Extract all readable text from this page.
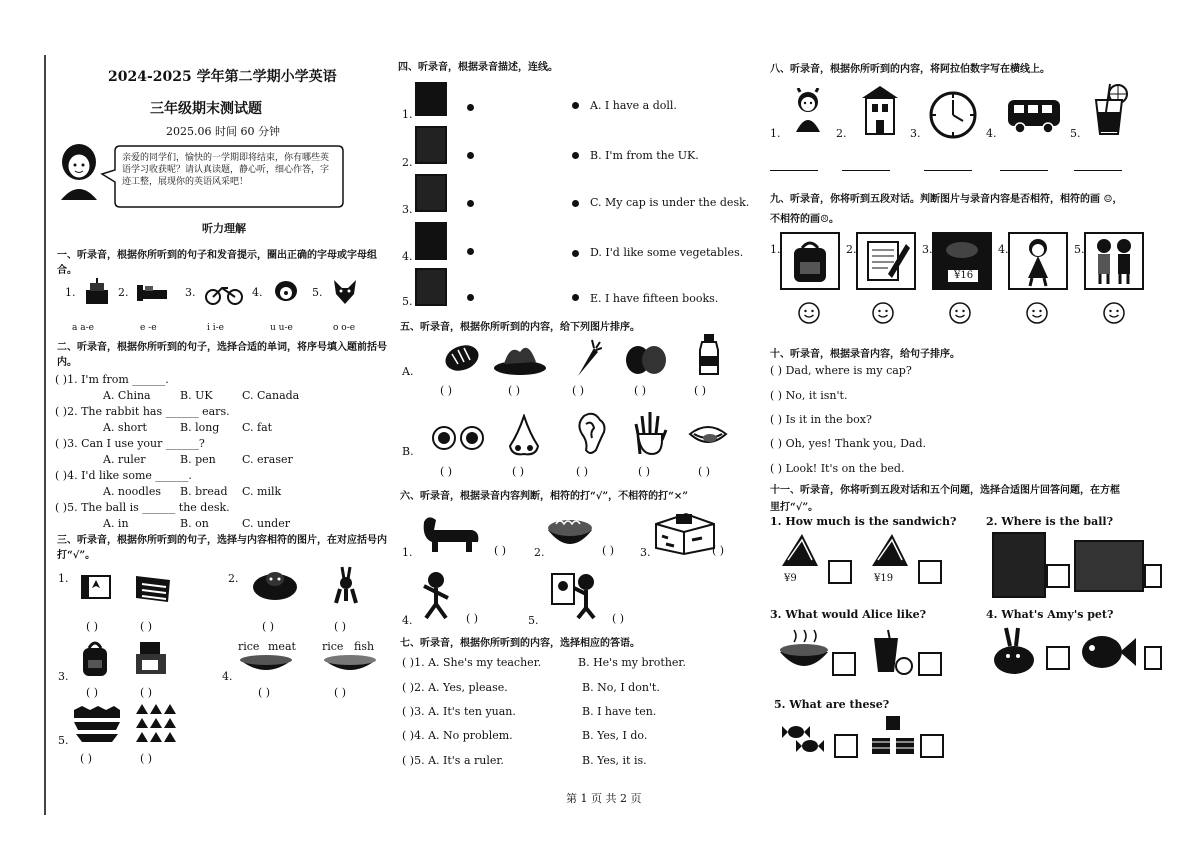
2024-2025 学年第二学期小学英语
三年级期末测试题
2025.06 时间 60 分钟
亲爱的同学们，愉快的一学期即将结束，你有哪些英语学习收获呢？请认真读题，静心听，细心作答，字迹工整，展现你的英语风采吧！
听力理解
一、听录音，根据你所听到的句子和发音提示，圈出正确的字母或字母组合。
1.	2.	3.	4.	5.
a a-e	e -e	i i-e	u u-e	o o-e
二、听录音，根据你所听到的句子，选择合适的单词，将序号填入题前括号内。
( )1. I'm from ______.
A. China	B. UK	C. Canada
( )2. The rabbit has ______ ears.
A. short	B. long C. fat
( )3. Can I use your ______?
A. ruler	B. pen C. eraser
( )4. I'd like some ______.
A. noodles B. bread C. milk
( )5. The ball is ______ the desk.
A. in	B. on	C. under
三、听录音，根据你所听到的句子，选择与内容相符的图片，在对应括号内打“√”。
1.
( )	( )
2.
( )	( )
3.
( )	( )
4.
rice meat rice fish
( )	( )
5.
( )	( )
四、听录音，根据录音描述，连线。
1.
A. I have a doll.
2.
B. I'm from the UK.
3.
C. My cap is under the desk.
4.	D. I'd like some vegetables.
5.	E. I have fifteen books.
五、听录音，根据你所听到的内容，给下列图片排序。
A.
( )	( )	( )	( )	( )
B.
( )	( )	( )	( )	( )
六、听录音，根据录音内容判断，相符的打“√”，不相符的打“×”
1.	( )	2.	( ) 3.	( )
4.	( )	5.	( )
七、听录音，根据你所听到的内容，选择相应的答语。
( )1. A. She's my teacher.	B. He's my brother.
( )2. A. Yes, please.	B. No, I don't.
( )3. A. It's ten yuan.	B. I have ten.
( )4. A. No problem.	B. Yes, I do.
( )5. A. It's a ruler.	B. Yes, it is.
第 1 页 共 2 页
八、听录音，根据你所听到的内容，将阿拉伯数字写在横线上。
1.	2.	3.	4.	5.
九、听录音，你将听到五段对话。判断图片与录音内容是否相符，相符的画 ☺，
不相符的画☹。
1.	2.	3.
¥16
4.	5.
十、听录音，根据录音内容，给句子排序。
( ) Dad, where is my cap?
( ) No, it isn't.
( ) Is it in the box?
( ) Oh, yes! Thank you, Dad.
( ) Look! It's on the bed.
十一、听录音，你将听到五段对话和五个问题，选择合适图片回答问题，在方框
里打“√”。
1. How much is the sandwich?
¥9	¥19
2. Where is the ball?
3. What would Alice like?	4. What's Amy's pet?
5. What are these?
